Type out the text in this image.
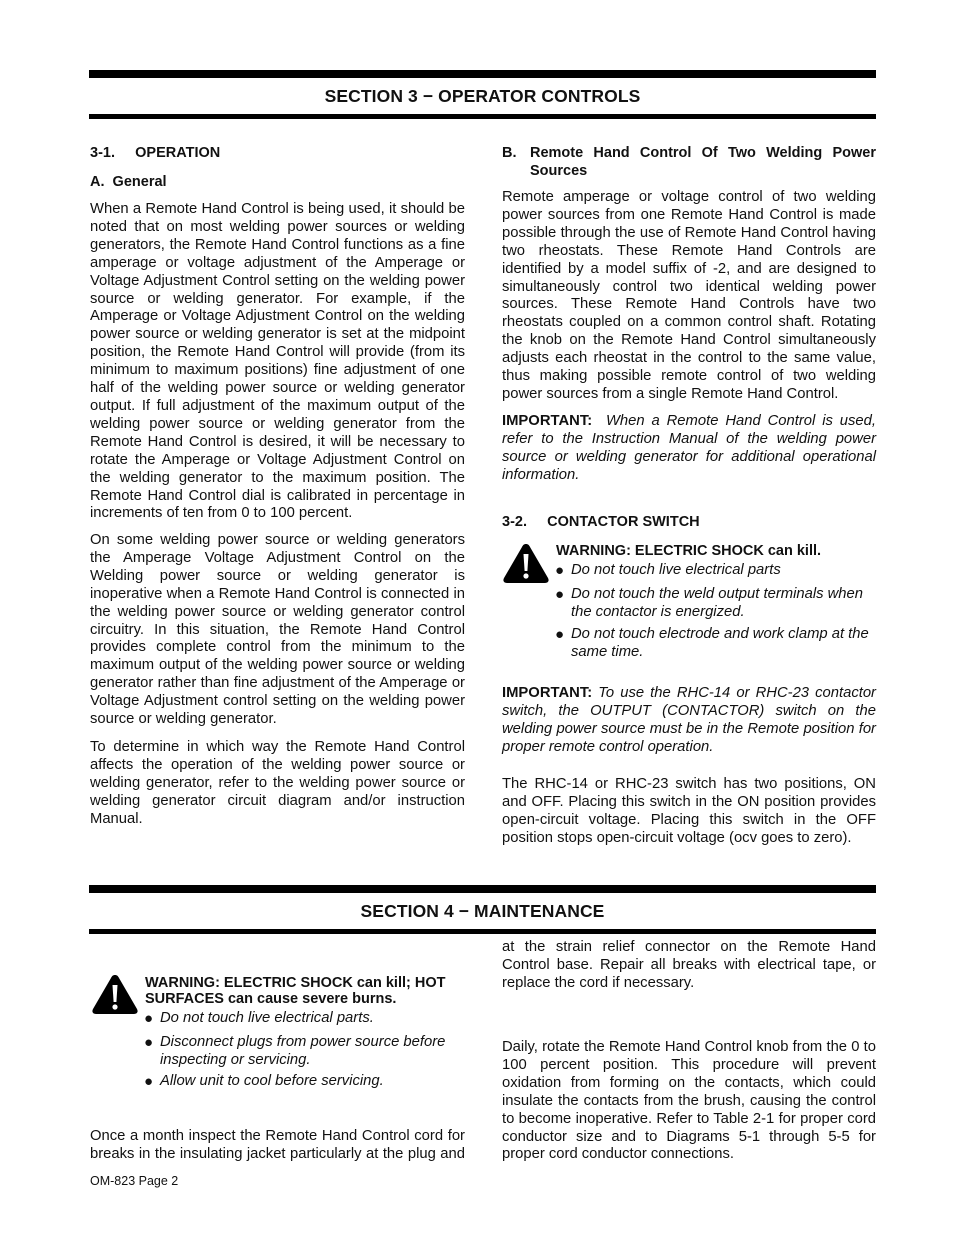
SECTION 3 − OPERATOR CONTROLS
3-1.     OPERATION
A.  General
When a Remote Hand Control is being used, it should be noted that on most welding power sources or welding generators, the Remote Hand Control functions as a fine amperage or voltage adjustment of the Amperage or Voltage Adjustment Control setting on the welding power source or welding generator. For example, if the Amperage or Voltage Adjustment Control on the welding power source or welding generator is set at the midpoint position, the Remote Hand Control will provide (from its minimum to maximum positions) fine adjustment of one half of the welding power source or welding generator output. If full adjustment of the maximum output of the welding power source or welding generator from the Remote Hand Control is desired, it will be necessary to rotate the Amperage or Voltage Adjustment Control on the welding generator to the maximum position. The Remote Hand Control dial is calibrated in percentage in increments of ten from 0 to 100 percent.
On some welding power source or welding generators the Amperage Voltage Adjustment Control on the Welding power source or welding generator is inoperative when a Remote Hand Control is connected in the welding power source or welding generator control circuitry. In this situation, the Remote Hand Control provides complete control from the minimum to the maximum output of the welding power source or welding generator rather than fine adjustment of the Amperage or Voltage Adjustment control setting on the welding power source or welding generator.
To determine in which way the Remote Hand Control affects the operation of the welding power source or welding generator, refer to the welding power source or welding generator circuit diagram and/or instruction Manual.
B. Remote Hand Control Of Two Welding Power Sources
Remote amperage or voltage control of two welding power sources from one Remote Hand Control is made possible through the use of Remote Hand Control having two rheostats. These Remote Hand Controls are identified by a model suffix of -2, and are designed to simultaneously control two identical welding power sources. These Remote Hand Controls have two rheostats coupled on a common control shaft. Rotating the knob on the Remote Hand Control simultaneously adjusts each rheostat in the control to the same value, thus making possible remote control of two welding power sources from a single Remote Hand Control.
IMPORTANT: When a Remote Hand Control is used, refer to the Instruction Manual of the welding power source or welding generator for additional operational information.
3-2.     CONTACTOR SWITCH
WARNING: ELECTRIC SHOCK can kill.
● Do not touch live electrical parts
● Do not touch the weld output terminals when the contactor is energized.
● Do not touch electrode and work clamp at the same time.
IMPORTANT: To use the RHC-14 or RHC-23 contactor switch, the OUTPUT (CONTACTOR) switch on the welding power source must be in the Remote position for proper remote control operation.
The RHC-14 or RHC-23 switch has two positions, ON and OFF. Placing this switch in the ON position provides open-circuit voltage. Placing this switch in the OFF position stops open-circuit voltage (ocv goes to zero).
SECTION 4 − MAINTENANCE
WARNING: ELECTRIC SHOCK can kill; HOT SURFACES can cause severe burns.
● Do not touch live electrical parts.
● Disconnect plugs from power source before inspecting or servicing.
● Allow unit to cool before servicing.
Once a month inspect the Remote Hand Control cord for breaks in the insulating jacket particularly at the plug and
at the strain relief connector on the Remote Hand Control base. Repair all breaks with electrical tape, or replace the cord if necessary.
Daily, rotate the Remote Hand Control knob from the 0 to 100 percent position. This procedure will prevent oxidation from forming on the contacts, which could insulate the contacts from the brush, causing the control to become inoperative. Refer to Table 2-1 for proper cord conductor size and to Diagrams 5-1 through 5-5 for proper cord conductor connections.
OM-823 Page 2
